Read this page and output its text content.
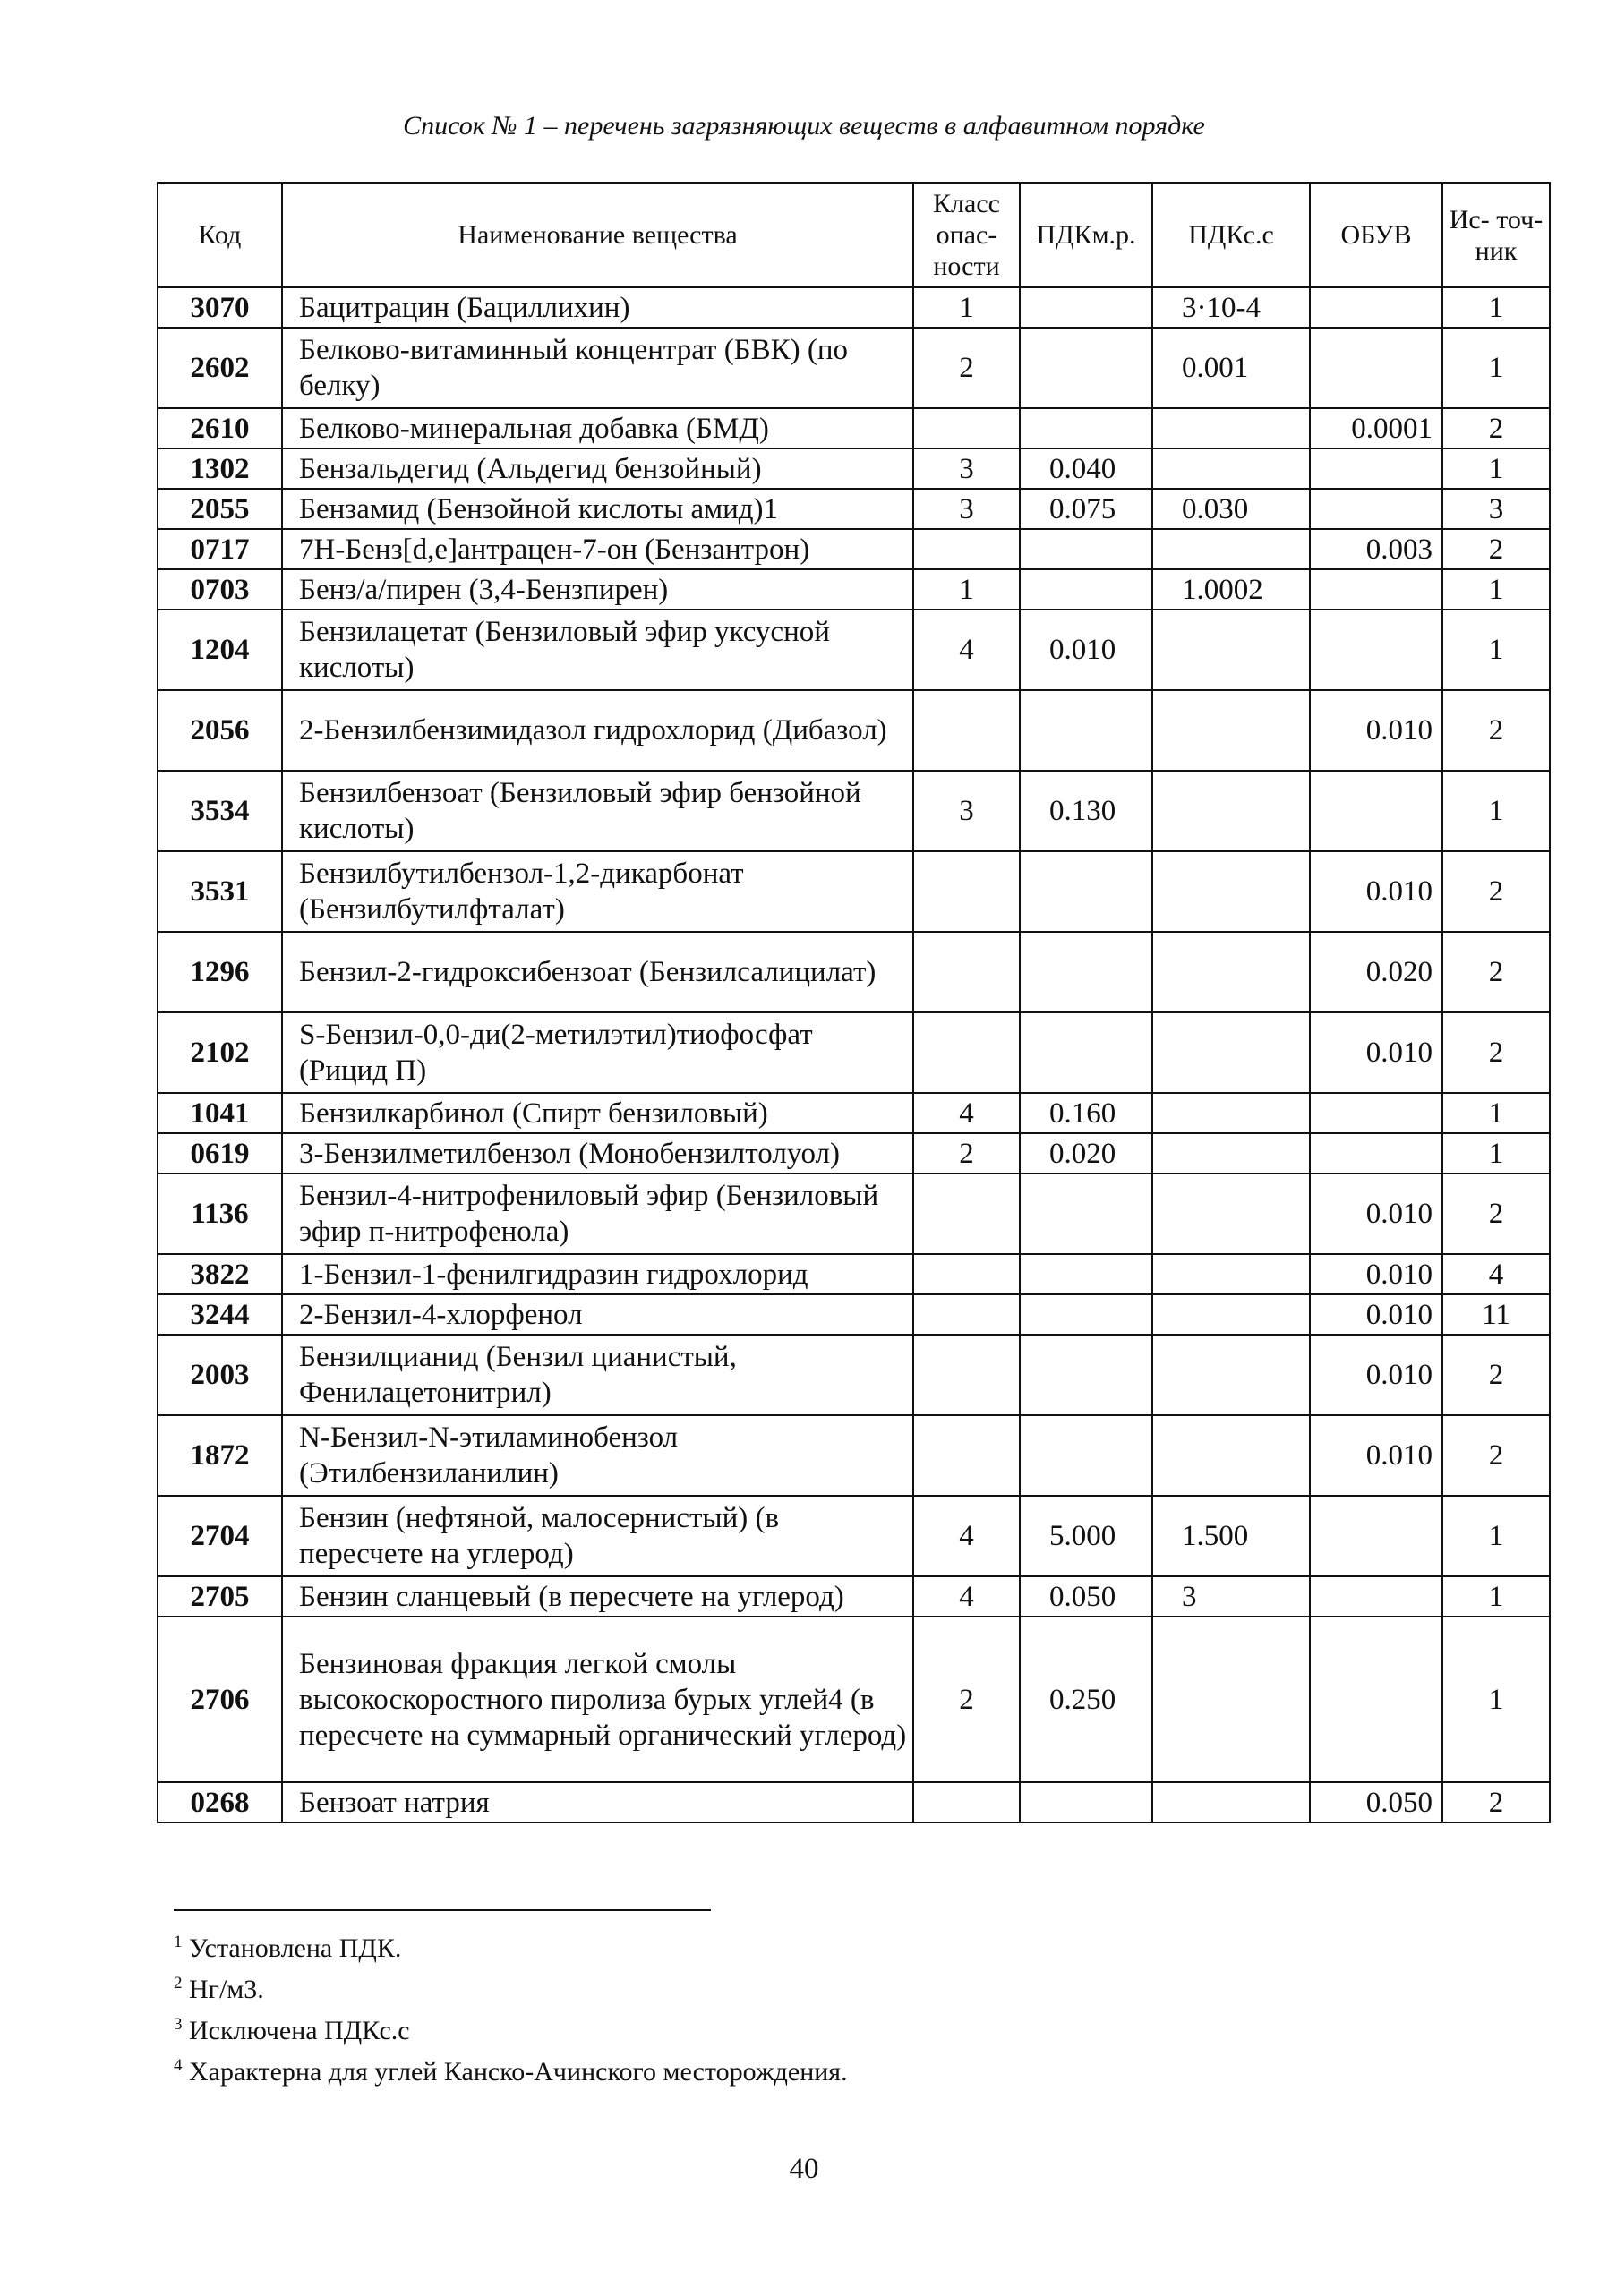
Список № 1 – перечень загрязняющих веществ в алфавитном порядке
Код	Наименование вещества	Класс опас- ности	ПДКм.р.	ПДКс.с	ОБУВ	Ис- точ- ник
3070	Бацитрацин (Бациллихин)	1		3·10-4		1
2602	Белково-витаминный концентрат (БВК) (по белку)	2		0.001		1
2610	Белково-минеральная добавка (БМД)				0.0001	2
1302	Бензальдегид (Альдегид бензойный)	3	0.040			1
2055	Бензамид (Бензойной кислоты амид)1	3	0.075	0.030		3
0717	7Н-Бенз[d,e]антрацен-7-он (Бензантрон)				0.003	2
0703	Бенз/а/пирен (3,4-Бензпирен)	1		1.0002		1
1204	Бензилацетат (Бензиловый эфир уксусной кислоты)	4	0.010			1
2056	2-Бензилбензимидазол гидрохлорид (Дибазол)				0.010	2
3534	Бензилбензоат (Бензиловый эфир бензойной кислоты)	3	0.130			1
3531	Бензилбутилбензол-1,2-дикарбонат (Бензилбутилфталат)				0.010	2
1296	Бензил-2-гидроксибензоат (Бензилсалицилат)				0.020	2
2102	S-Бензил-0,0-ди(2-метилэтил)тиофосфат (Рицид П)				0.010	2
1041	Бензилкарбинол (Спирт бензиловый)	4	0.160			1
0619	3-Бензилметилбензол (Монобензилтолуол)	2	0.020			1
1136	Бензил-4-нитрофениловый эфир (Бензиловый эфир п-нитрофенола)				0.010	2
3822	1-Бензил-1-фенилгидразин гидрохлорид				0.010	4
3244	2-Бензил-4-хлорфенол				0.010	11
2003	Бензилцианид (Бензил цианистый, Фенилацетонитрил)				0.010	2
1872	N-Бензил-N-этиламинобензол (Этилбензиланилин)				0.010	2
2704	Бензин (нефтяной, малосернистый) (в пересчете на углерод)	4	5.000	1.500		1
2705	Бензин сланцевый (в пересчете на углерод)	4	0.050	3		1
2706	Бензиновая фракция легкой смолы высокоскоростного пиролиза бурых углей4 (в пересчете на суммарный органический углерод)	2	0.250			1
0268	Бензоат натрия				0.050	2
$^1$ Установлена ПДК.
$^2$ Нг/м3.
$^3$ Исключена ПДКс.с
$^4$ Характерна для углей Канско-Ачинского месторождения.
40
